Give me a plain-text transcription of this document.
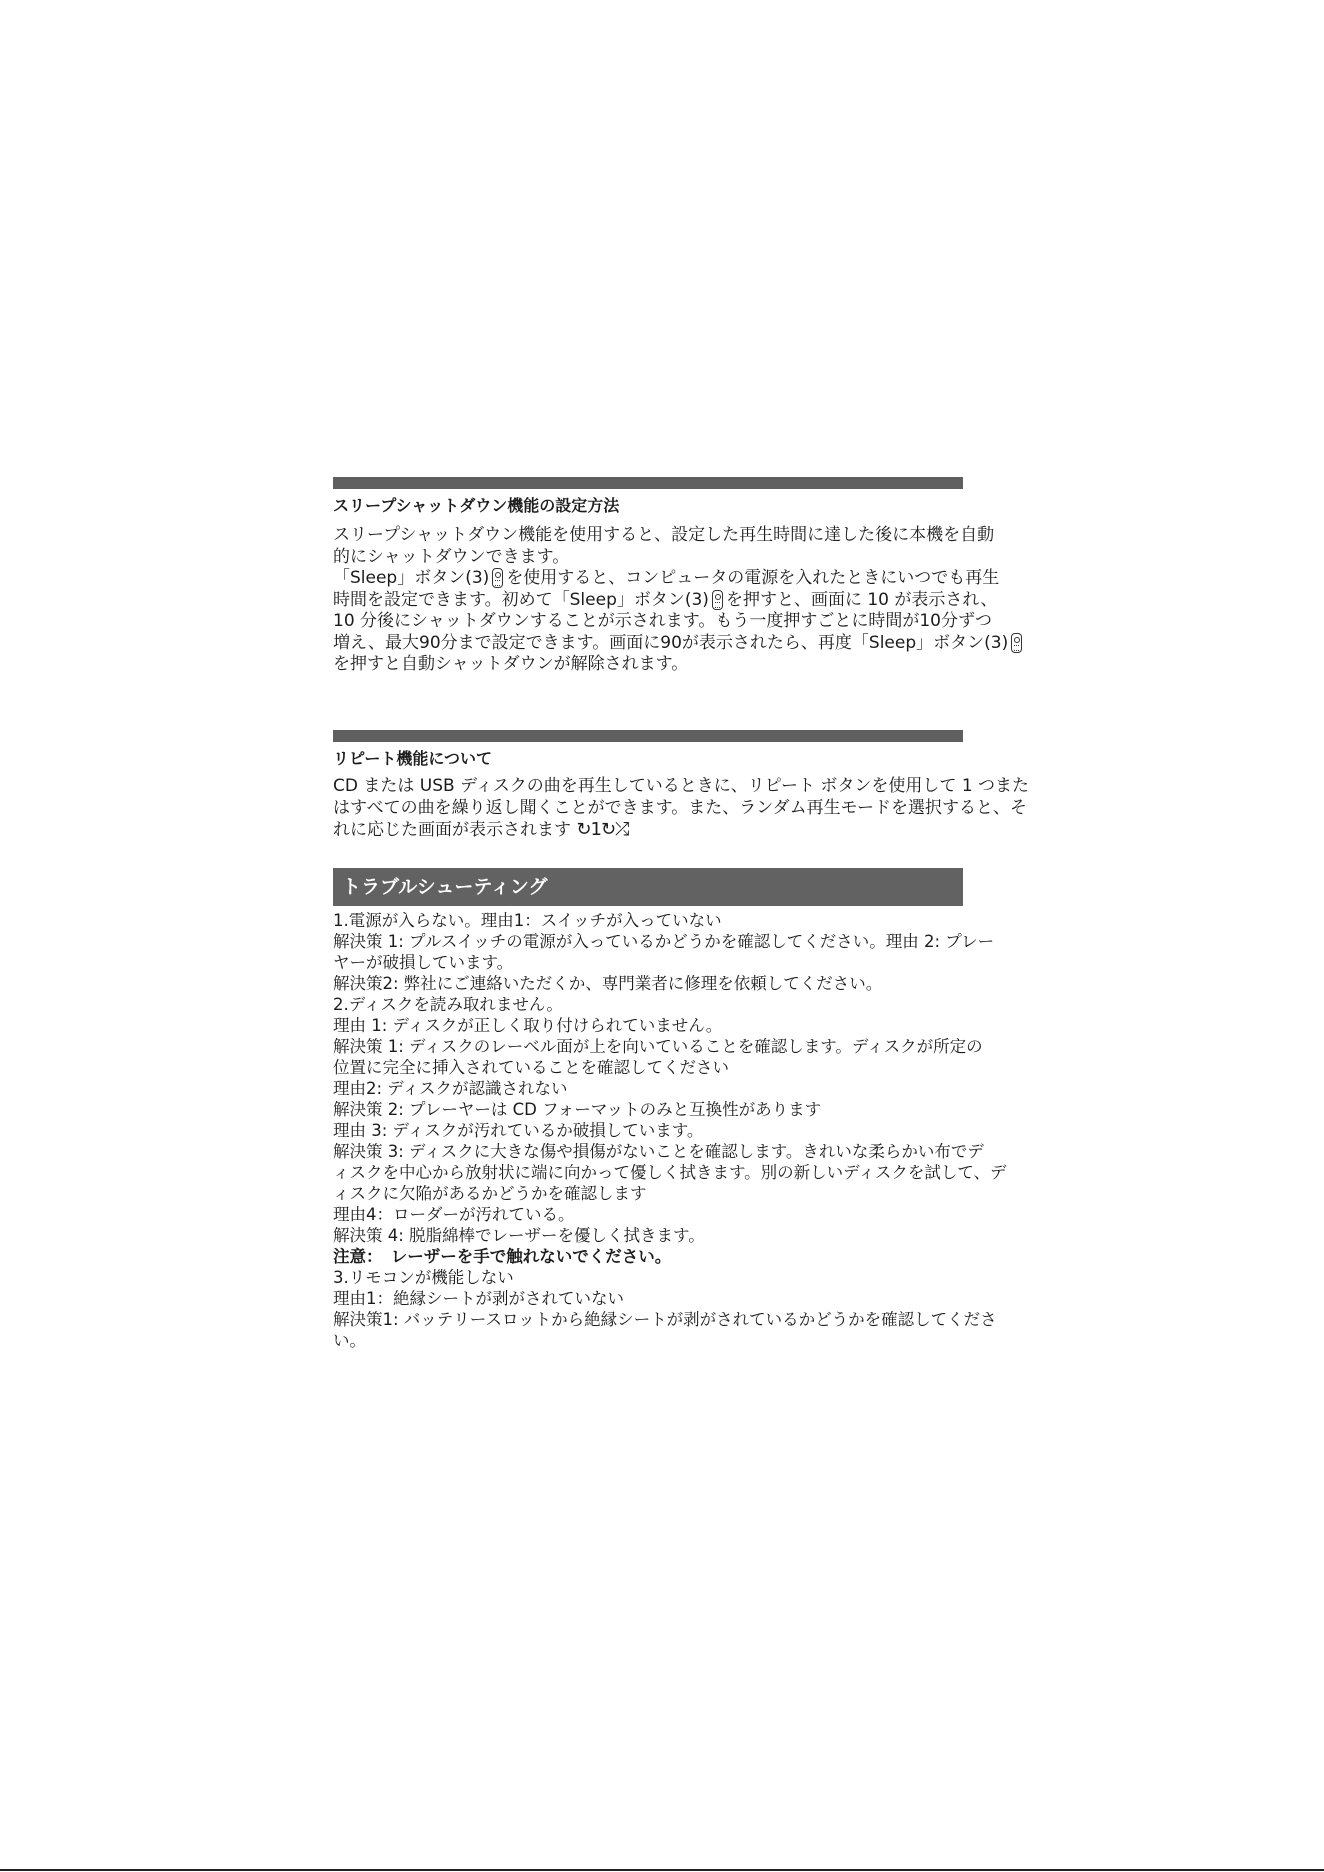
スリープシャットダウン機能の設定方法
スリープシャットダウン機能を使用すると、設定した再生時間に達した後に本機を自動
的にシャットダウンできます。
「Sleep」ボタン(3) を使用すると、コンピュータの電源を入れたときにいつでも再生
時間を設定できます。初めて「Sleep」ボタン(3) を押すと、画面に 10 が表示され、
10 分後にシャットダウンすることが示されます。もう一度押すごとに時間が10分ずつ
増え、最大90分まで設定できます。画面に90が表示されたら、再度「Sleep」ボタン(3)
を押すと自動シャットダウンが解除されます。
リピート機能について
CD または USB ディスクの曲を再生しているときに、リピート ボタンを使用して 1 つまた
はすべての曲を繰り返し聞くことができます。また、ランダム再生モードを選択すると、そ
れに応じた画面が表示されます ↻1↻⤮
トラブルシューティング
1.電源が入らない。理由1：スイッチが入っていない
解決策 1: プルスイッチの電源が入っているかどうかを確認してください。理由 2: プレー
ヤーが破損しています。
解決策2: 弊社にご連絡いただくか、専門業者に修理を依頼してください。
2.ディスクを読み取れません。
理由 1: ディスクが正しく取り付けられていません。
解決策 1: ディスクのレーベル面が上を向いていることを確認します。ディスクが所定の
位置に完全に挿入されていることを確認してください
理由2: ディスクが認識されない
解決策 2: プレーヤーは CD フォーマットのみと互換性があります
理由 3: ディスクが汚れているか破損しています。
解決策 3: ディスクに大きな傷や損傷がないことを確認します。きれいな柔らかい布でデ
ィスクを中心から放射状に端に向かって優しく拭きます。別の新しいディスクを試して、デ
ィスクに欠陥があるかどうかを確認します
理由4：ローダーが汚れている。
解決策 4: 脱脂綿棒でレーザーを優しく拭きます。
注意：　レーザーを手で触れないでください。
3.リモコンが機能しない
理由1：絶縁シートが剥がされていない
解決策1: バッテリースロットから絶縁シートが剥がされているかどうかを確認してくださ
い。
